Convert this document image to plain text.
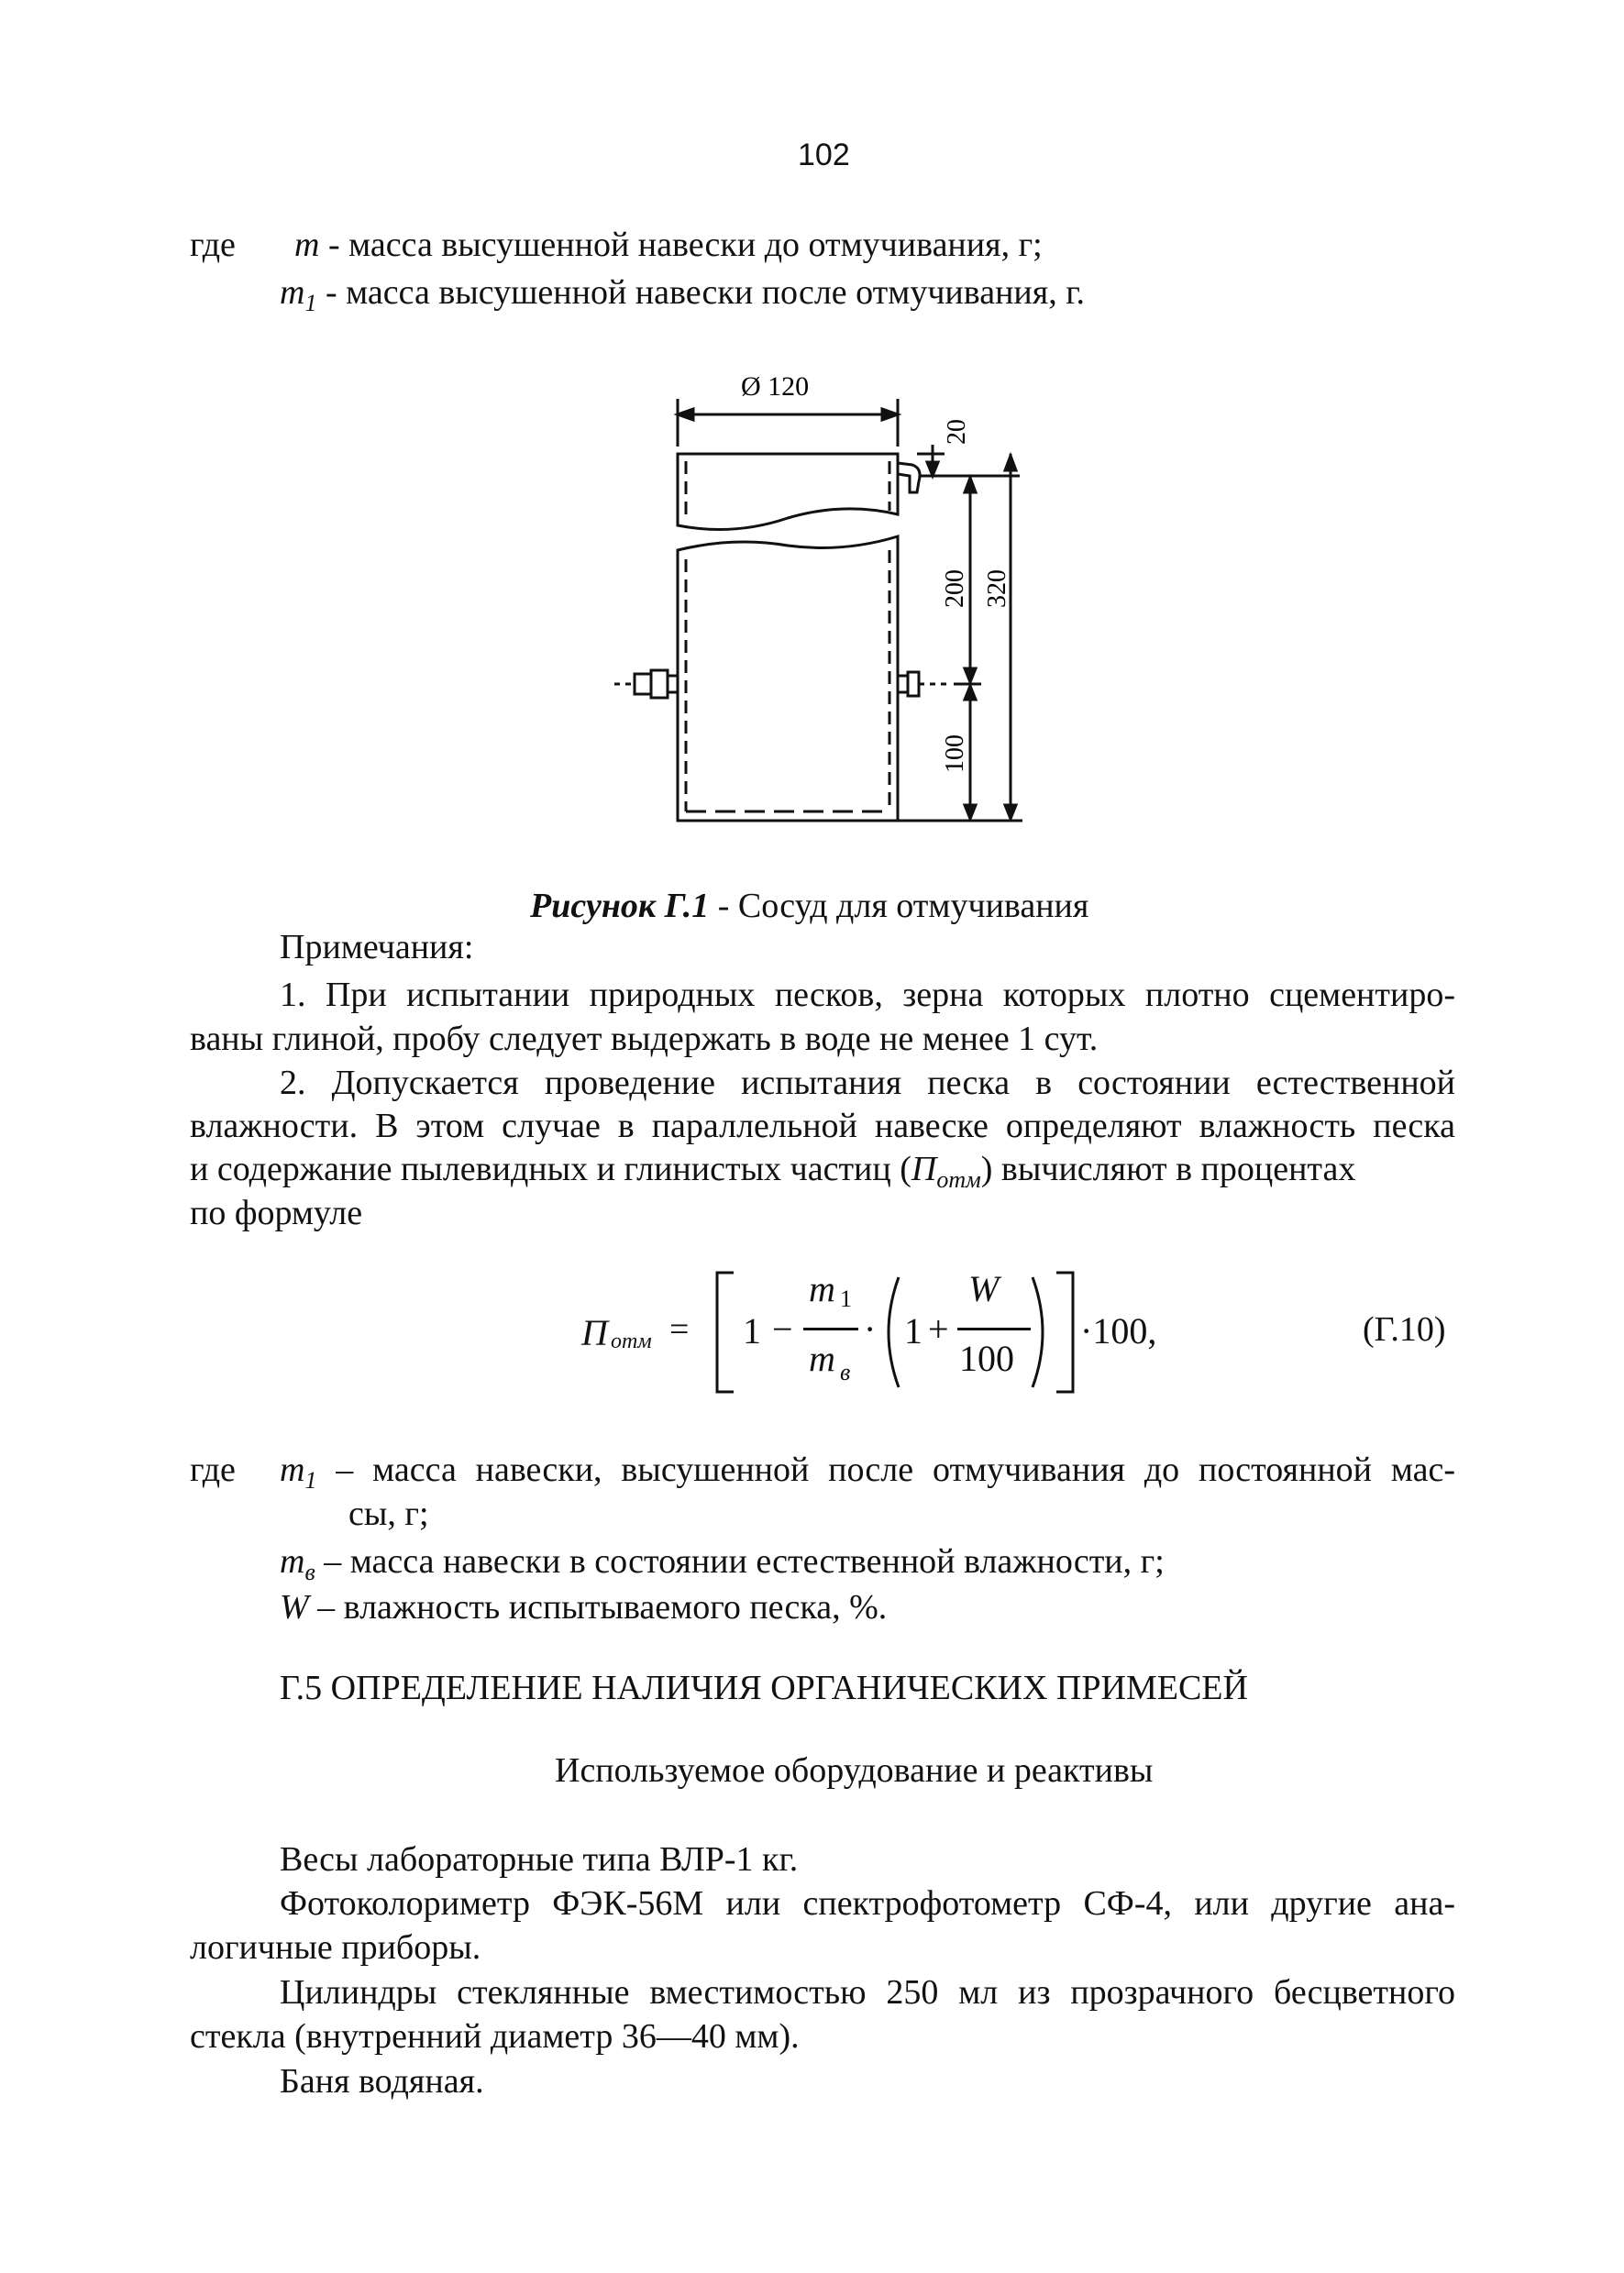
102
где m - масса высушенной навески до отмучивания, г;
$m_1$ - масса высушенной навески после отмучивания, г.
Ø 120
20
200 320
100
Рисунок Г.1 - Сосуд для отмучивания
Примечания:
1. При испытании природных песков, зерна которых плотно сцементиро-
ваны глиной, пробу следует выдержать в воде не менее 1 сут.
2. Допускается проведение испытания песка в состоянии естественной
влажности. В этом случае в параллельной навеске определяют влажность песка
и содержание пылевидных и глинистых частиц $(П_{отм})$ вычисляют в процентах
по формуле
П отм = 1 −
m 1
m в
· 1 +
W
100
·100,	(Г.10)
где $m_1$ – масса навески, высушенной после отмучивания до постоянной мас-
сы, г;
$m_в$ – масса навески в состоянии естественной влажности, г;
W – влажность испытываемого песка, %.
Г.5 ОПРЕДЕЛЕНИЕ НАЛИЧИЯ ОРГАНИЧЕСКИХ ПРИМЕСЕЙ
Используемое оборудование и реактивы
Весы лабораторные типа ВЛР-1 кг.
Фотоколориметр ФЭК-56М или спектрофотометр СФ-4, или другие ана-
логичные приборы.
Цилиндры стеклянные вместимостью 250 мл из прозрачного бесцветного
стекла (внутренний диаметр 36—40 мм).
Баня водяная.
